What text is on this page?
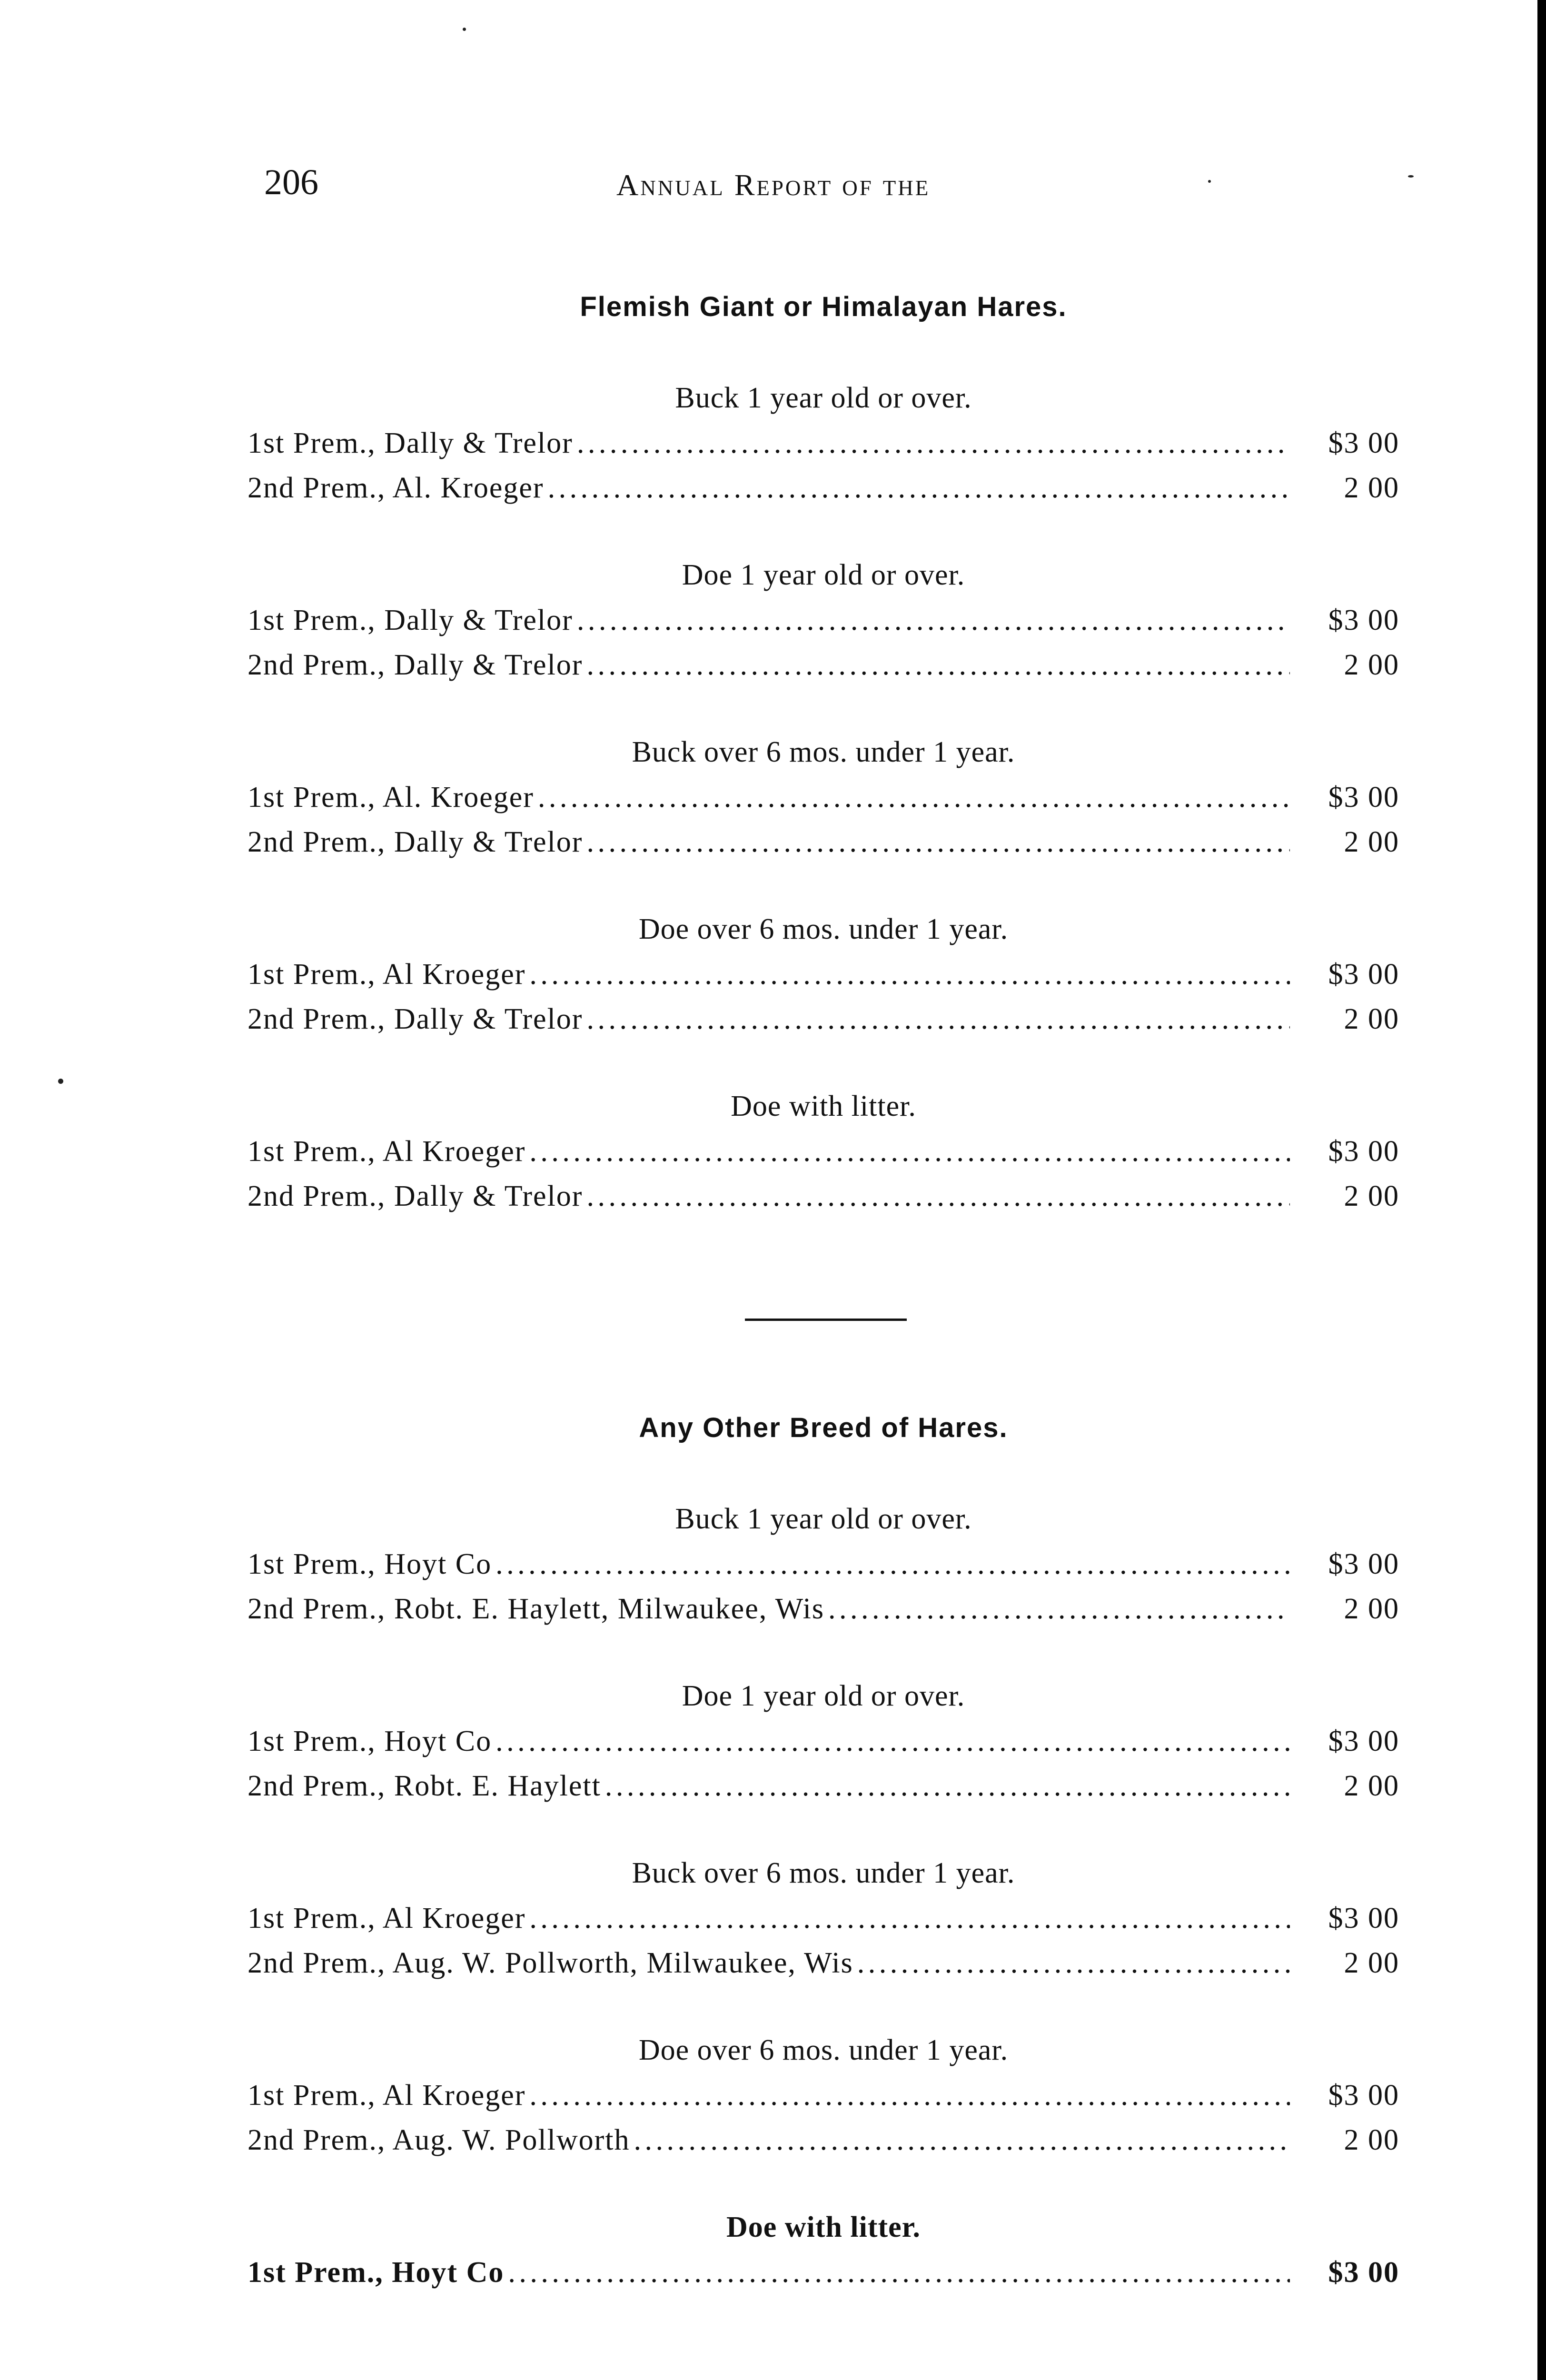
206	Annual Report of the
Flemish Giant or Himalayan Hares.
Buck 1 year old or over.
1st Prem., Dally & Trelor . . .	$3 00
2nd Prem., Al. Kroeger . . .	2 00
Doe 1 year old or over.
1st Prem., Dally & Trelor . . .	$3 00
2nd Prem., Dally & Trelor . . .	2 00
Buck over 6 mos. under 1 year.
1st Prem., Al. Kroeger . . .	$3 00
2nd Prem., Dally & Trelor . . .	2 00
Doe over 6 mos. under 1 year.
1st Prem., Al Kroeger . . .	$3 00
2nd Prem., Dally & Trelor . . .	2 00
Doe with litter.
1st Prem., Al Kroeger . . .	$3 00
2nd Prem., Dally & Trelor . . .	2 00
Any Other Breed of Hares.
Buck 1 year old or over.
1st Prem., Hoyt Co . . .	$3 00
2nd Prem., Robt. E. Haylett, Milwaukee, Wis . . .	2 00
Doe 1 year old or over.
1st Prem., Hoyt Co . . .	$3 00
2nd Prem., Robt. E. Haylett . . .	2 00
Buck over 6 mos. under 1 year.
1st Prem., Al Kroeger . . .	$3 00
2nd Prem., Aug. W. Pollworth, Milwaukee, Wis . . .	2 00
Doe over 6 mos. under 1 year.
1st Prem., Al Kroeger . . .	$3 00
2nd Prem., Aug. W. Pollworth . . .	2 00
Doe with litter.
1st Prem., Hoyt Co . . .	$3 00
